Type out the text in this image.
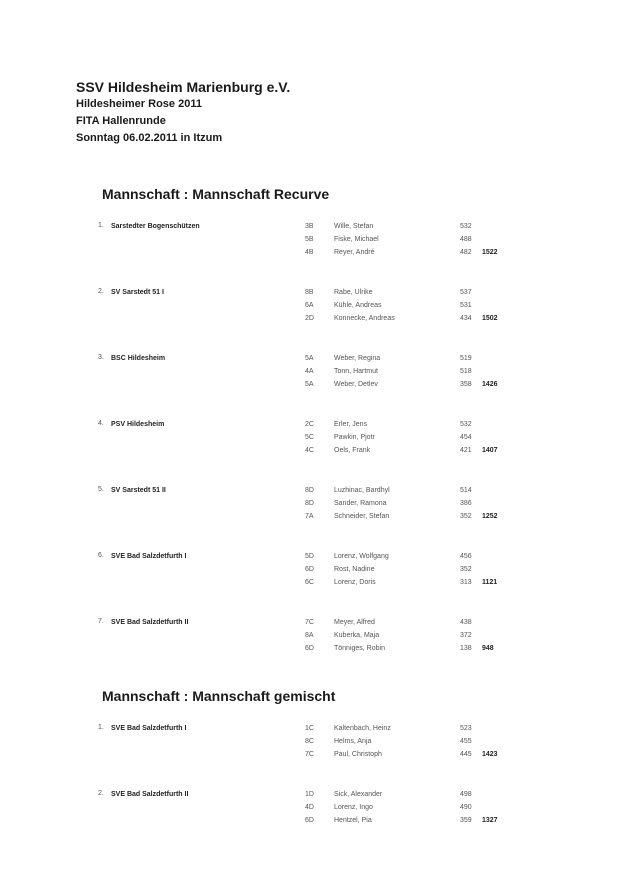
SSV Hildesheim Marienburg e.V.
Hildesheimer Rose 2011
FITA Hallenrunde
Sonntag 06.02.2011 in Itzum
Mannschaft : Mannschaft Recurve
1. Sarstedter Bogenschützen	3B	Wille, Stefan	532
5B	Fiske, Michael	488
4B	Reyer, André	482 1522
2. SV Sarstedt 51 I	8B	Rabe, Ulrike	537
6A	Kühle, Andreas	531
2D	Konnecke, Andreas	434 1502
3. BSC Hildesheim	5A	Weber, Regina	519
4A	Tonn, Hartmut	518
5A	Weber, Detlev	358 1426
4. PSV Hildesheim	2C	Erler, Jens	532
5C	Pawkin, Pjotr	454
4C	Oels, Frank	421 1407
5. SV Sarstedt 51 II	8D	Luzhinac, Bardhyl	514
8D	Sander, Ramona	386
7A	Schneider, Stefan	352 1252
6. SVE Bad Salzdetfurth I	5D	Lorenz, Wolfgang	456
6D	Rost, Nadine	352
6C	Lorenz, Doris	313 1121
7. SVE Bad Salzdetfurth II	7C	Meyer, Alfred	438
8A	Kuberka, Maja	372
6D	Tönniges, Robin	138 948
Mannschaft : Mannschaft gemischt
1. SVE Bad Salzdetfurth I	1C	Kaltenbach, Heinz	523
8C	Helms, Anja	455
7C	Paul, Christoph	445 1423
2. SVE Bad Salzdetfurth II	1D	Sick, Alexander	498
4D	Lorenz, Ingo	490
6D	Hentzel, Pia	359 1327
